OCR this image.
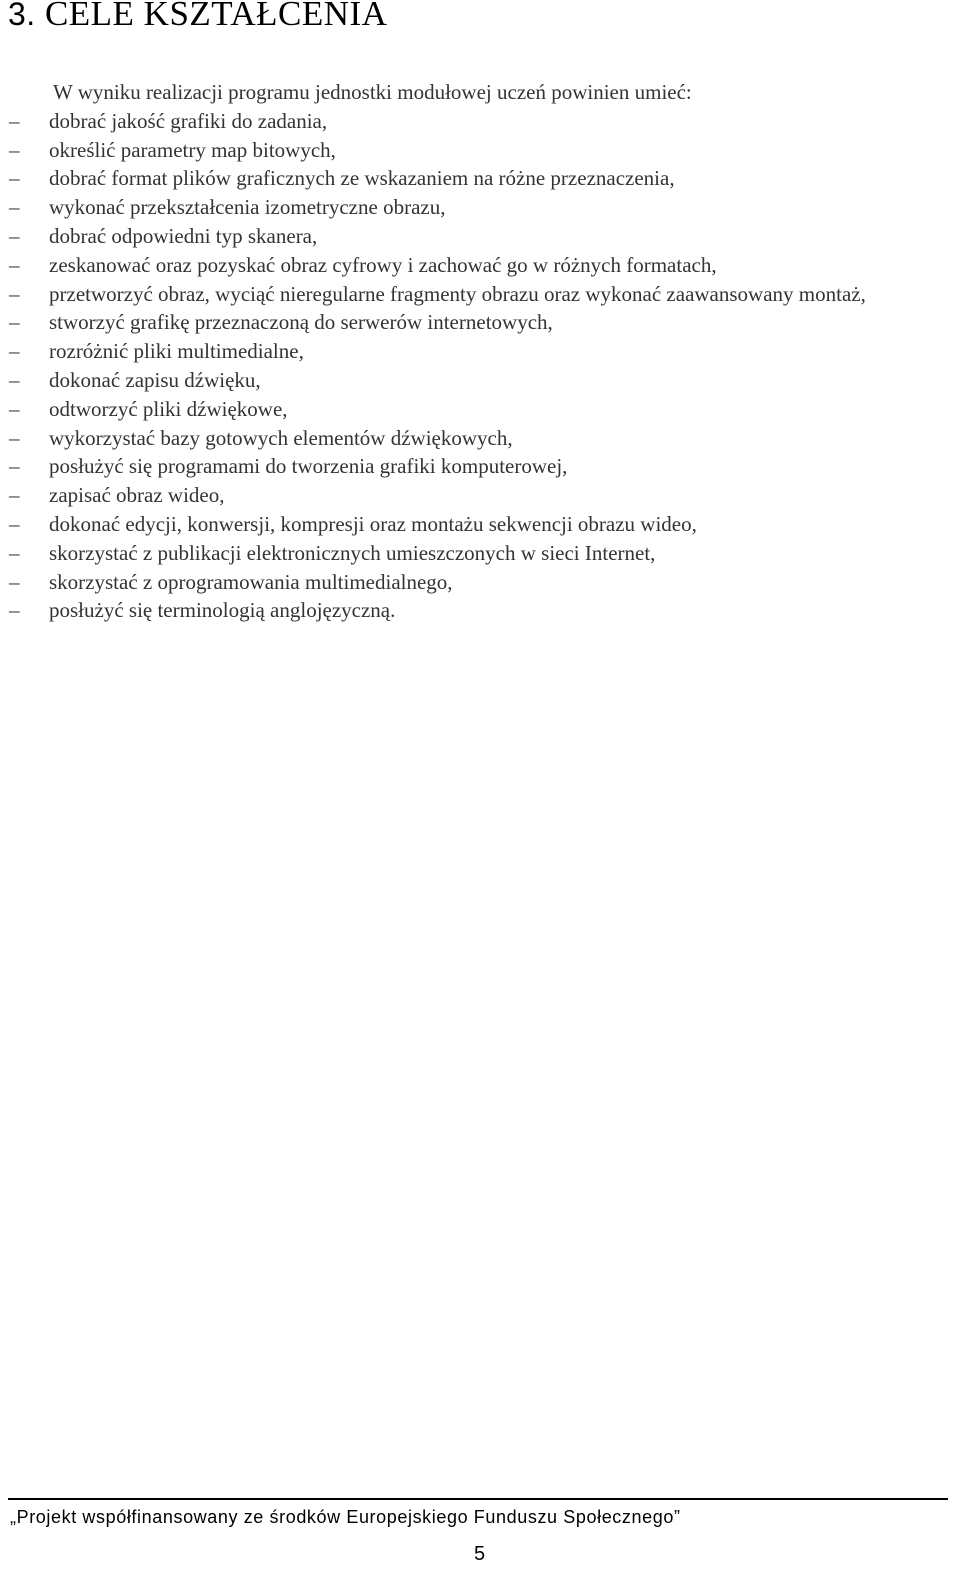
3. CELE KSZTAŁCENIA

W wyniku realizacji programu jednostki modułowej uczeń powinien umieć:

– dobrać jakość grafiki do zadania,
– określić parametry map bitowych,
– dobrać format plików graficznych ze wskazaniem na różne przeznaczenia,
– wykonać przekształcenia izometryczne obrazu,
– dobrać odpowiedni typ skanera,
– zeskanować oraz pozyskać obraz cyfrowy i zachować go w różnych formatach,
– przetworzyć obraz, wyciąć nieregularne fragmenty obrazu oraz wykonać zaawansowany montaż,
– stworzyć grafikę przeznaczoną do serwerów internetowych,
– rozróżnić pliki multimedialne,
– dokonać zapisu dźwięku,
– odtworzyć pliki dźwiękowe,
– wykorzystać bazy gotowych elementów dźwiękowych,
– posłużyć się programami do tworzenia grafiki komputerowej,
– zapisać obraz wideo,
– dokonać edycji, konwersji, kompresji oraz montażu sekwencji obrazu wideo,
– skorzystać z publikacji elektronicznych umieszczonych w sieci Internet,
– skorzystać z oprogramowania multimedialnego,
– posłużyć się terminologią anglojęzyczną.
„Projekt współfinansowany ze środków Europejskiego Funduszu Społecznego”
5
